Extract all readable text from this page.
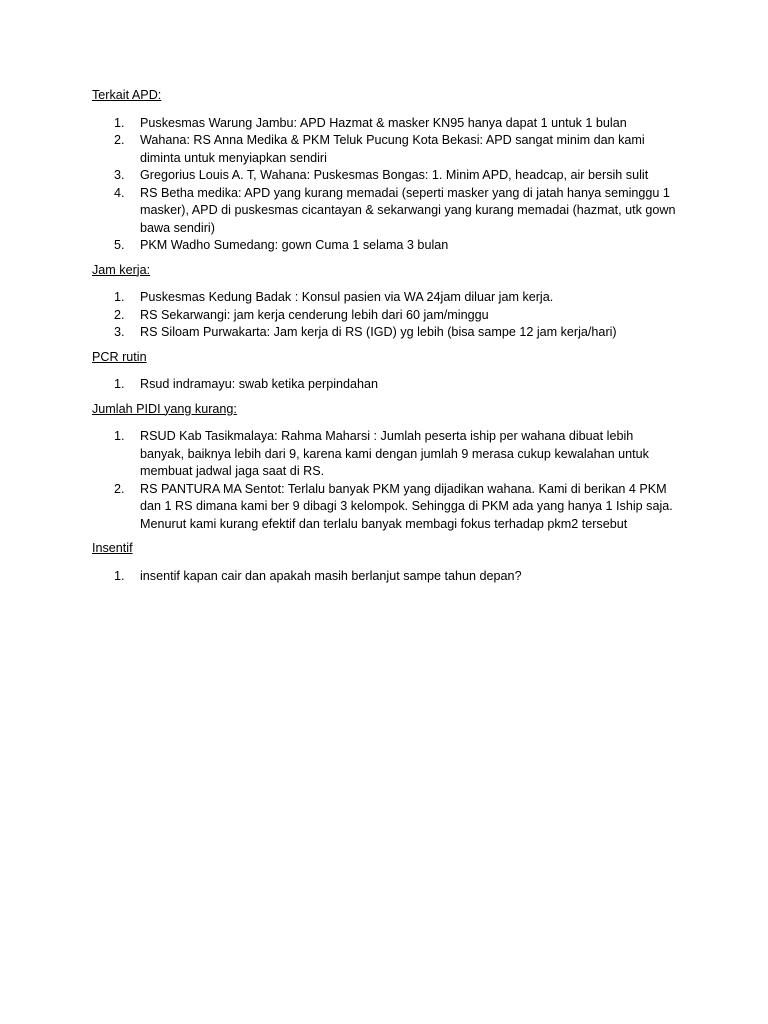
Terkait APD:
1. Puskesmas Warung Jambu: APD Hazmat & masker KN95 hanya dapat 1 untuk 1 bulan
2. Wahana: RS Anna Medika & PKM Teluk Pucung Kota Bekasi: APD sangat minim dan kami diminta untuk menyiapkan sendiri
3. Gregorius Louis A. T, Wahana: Puskesmas Bongas: 1. Minim APD, headcap, air bersih sulit
4. RS Betha medika: APD yang kurang memadai (seperti masker yang di jatah hanya seminggu 1 masker), APD di puskesmas cicantayan & sekarwangi yang kurang memadai (hazmat, utk gown bawa sendiri)
5. PKM Wadho Sumedang: gown Cuma 1 selama 3 bulan
Jam kerja:
1. Puskesmas Kedung Badak : Konsul pasien via WA 24jam diluar jam kerja.
2. RS Sekarwangi: jam kerja cenderung lebih dari 60 jam/minggu
3. RS Siloam Purwakarta: Jam kerja di RS (IGD) yg lebih (bisa sampe 12 jam kerja/hari)
PCR rutin
1. Rsud indramayu: swab ketika perpindahan
Jumlah PIDI yang kurang:
1. RSUD Kab Tasikmalaya: Rahma Maharsi : Jumlah peserta iship per wahana dibuat lebih banyak, baiknya lebih dari 9, karena kami dengan jumlah 9 merasa cukup kewalahan untuk membuat jadwal jaga saat di RS.
2. RS PANTURA MA Sentot: Terlalu banyak PKM yang dijadikan wahana. Kami di berikan 4 PKM dan 1 RS dimana kami ber 9 dibagi 3 kelompok. Sehingga di PKM ada yang hanya 1 Iship saja. Menurut kami kurang efektif dan terlalu banyak membagi fokus terhadap pkm2 tersebut
Insentif
1. insentif kapan cair dan apakah masih berlanjut sampe tahun depan?
